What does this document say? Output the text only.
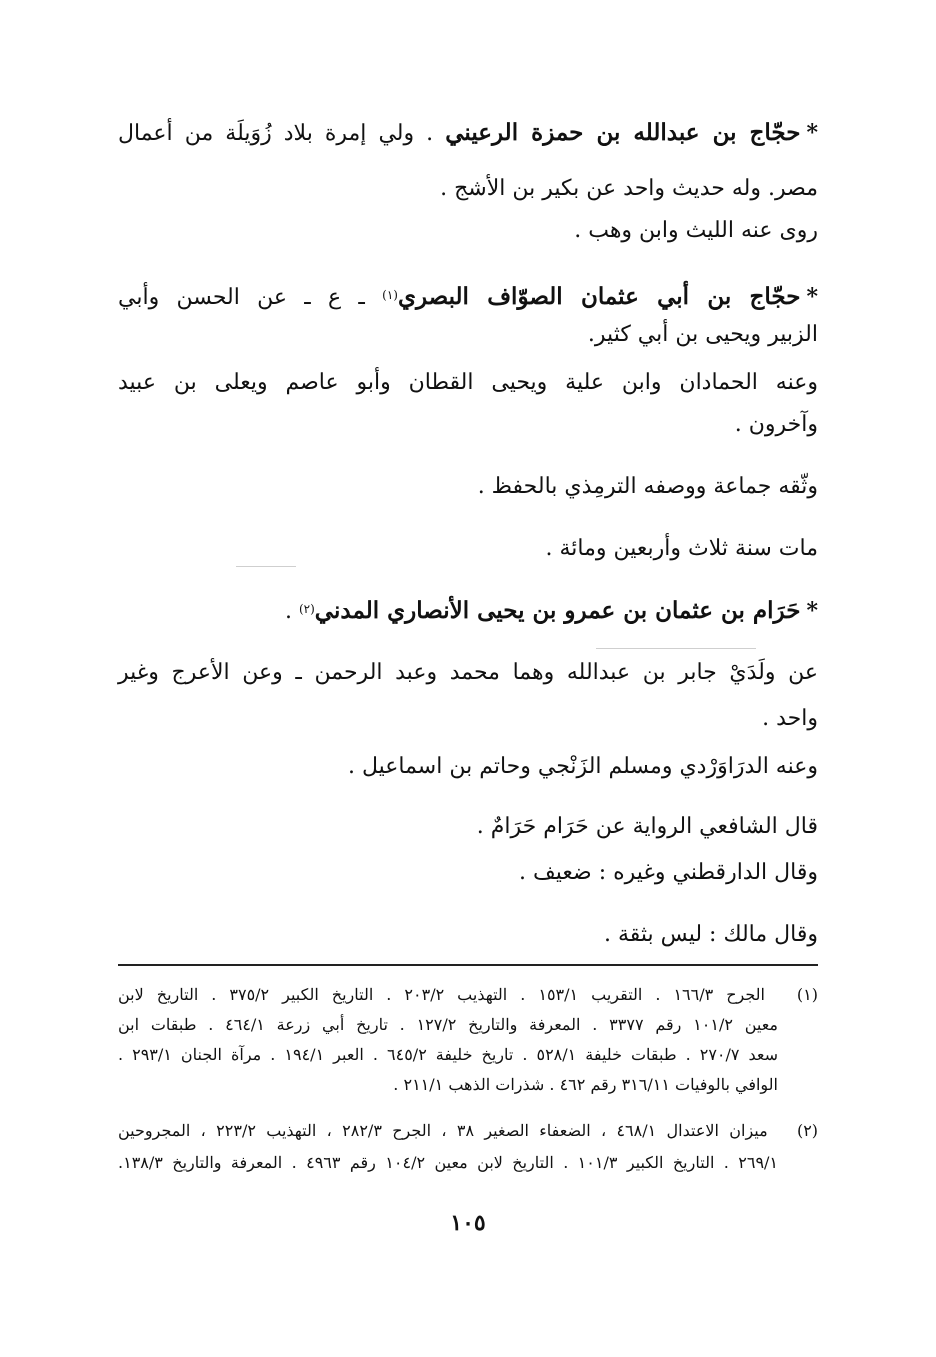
*حجّاج بن عبدالله بن حمزة الرعيني . ولي إمرة بلاد زُوَيلَة من أعمال
مصر. وله حديث واحد عن بكير بن الأشج .
روى عنه الليث وابن وهب .
*حجّاج بن أبي عثمان الصوّاف البصري$^{(١)}$ ـ ع ـ عن الحسن وأبي
الزبير ويحيى بن أبي كثير.
وعنه الحمادان وابن علية ويحيى القطان وأبو عاصم ويعلى بن عبيد
وآخرون .
وثّقه جماعة ووصفه الترمِذي بالحفظ .
مات سنة ثلاث وأربعين ومائة .
*حَرَام بن عثمان بن عمرو بن يحيى الأنصاري المدني$^{(٢)}$ .
عن ولَدَيْ جابر بن عبدالله وهما محمد وعبد الرحمن ـ وعن الأعرج وغير
واحد .
وعنه الدرَاوَرْدي ومسلم الزَنْجي وحاتم بن اسماعيل .
قال الشافعي الرواية عن حَرَام حَرَامٌ .
وقال الدارقطني وغيره : ضعيف .
وقال مالك : ليس بثقة .
(١) الجرح ١٦٦/٣ . التقريب ١٥٣/١ . التهذيب ٢٠٣/٢ . التاريخ الكبير ٣٧٥/٢ . التاريخ لابن
معين ١٠١/٢ رقم ٣٣٧٧ . المعرفة والتاريخ ١٢٧/٢ . تاريخ أبي زرعة ٤٦٤/١ . طبقات ابن
سعد ٢٧٠/٧ . طبقات خليفة ٥٢٨/١ . تاريخ خليفة ٦٤٥/٢ . العبر ١٩٤/١ . مرآة الجنان ٢٩٣/١ .
الوافي بالوفيات ٣١٦/١١ رقم ٤٦٢ . شذرات الذهب ٢١١/١ .
(٢) ميزان الاعتدال ٤٦٨/١ ، الضعفاء الصغير ٣٨ ، الجرح ٢٨٢/٣ ، التهذيب ٢٢٣/٢ ، المجروحين
٢٦٩/١ . التاريخ الكبير ١٠١/٣ . التاريخ لابن معين ١٠٤/٢ رقم ٤٩٦٣ . المعرفة والتاريخ ١٣٨/٣.
١٠٥
